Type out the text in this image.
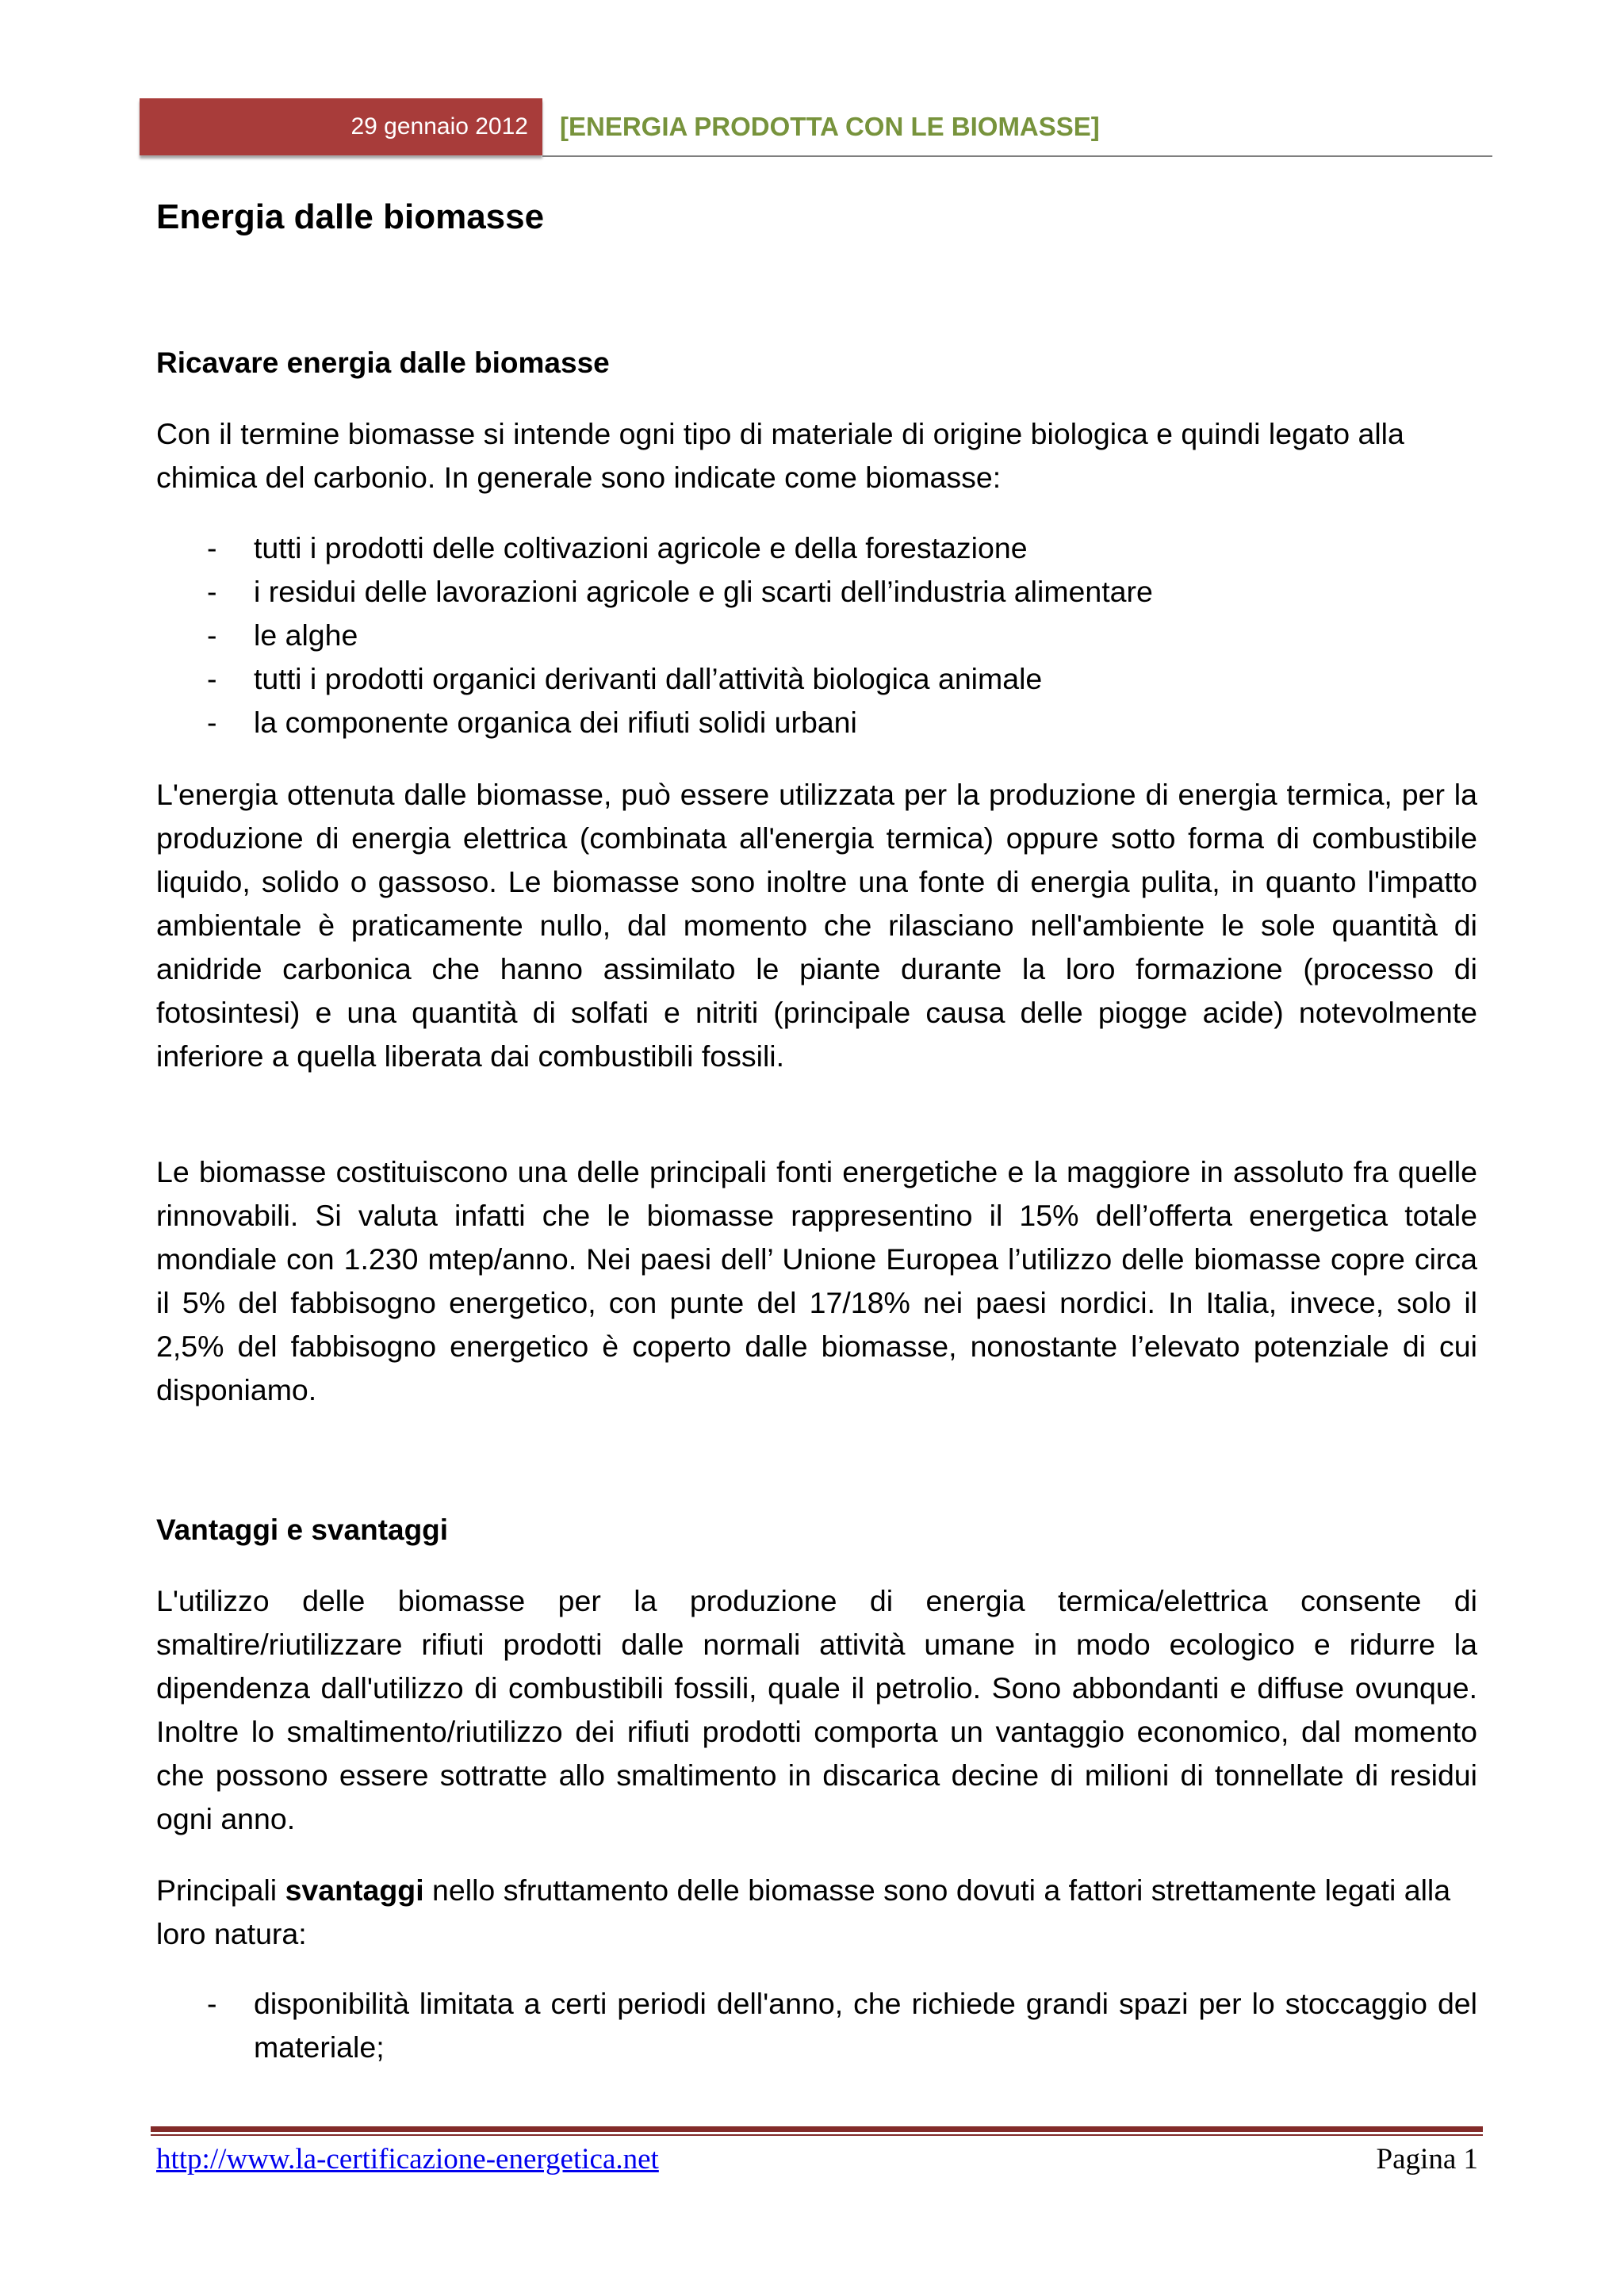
29 gennaio 2012 [ENERGIA PRODOTTA CON LE BIOMASSE]
Energia dalle biomasse
Ricavare energia dalle biomasse

Con il termine biomasse si intende ogni tipo di materiale di origine biologica e quindi legato alla chimica del carbonio. In generale sono indicate come biomasse:

- tutti i prodotti delle coltivazioni agricole e della forestazione
- i residui delle lavorazioni agricole e gli scarti dell’industria alimentare
- le alghe
- tutti i prodotti organici derivanti dall’attività biologica animale
- la componente organica dei rifiuti solidi urbani

L'energia ottenuta dalle biomasse, può essere utilizzata per la produzione di energia termica, per la produzione di energia elettrica (combinata all'energia termica) oppure sotto forma di combustibile liquido, solido o gassoso. Le biomasse sono inoltre una fonte di energia pulita, in quanto l'impatto ambientale è praticamente nullo, dal momento che rilasciano nell'ambiente le sole quantità di anidride carbonica che hanno assimilato le piante durante la loro formazione (processo di fotosintesi) e una quantità di solfati e nitriti (principale causa delle piogge acide) notevolmente inferiore a quella liberata dai combustibili fossili.

Le biomasse costituiscono una delle principali fonti energetiche e la maggiore in assoluto fra quelle rinnovabili. Si valuta infatti che le biomasse rappresentino il 15% dell’offerta energetica totale mondiale con 1.230 mtep/anno. Nei paesi dell’ Unione Europea l’utilizzo delle biomasse copre circa il 5% del fabbisogno energetico, con punte del 17/18% nei paesi nordici. In Italia, invece, solo il 2,5% del fabbisogno energetico è coperto dalle biomasse, nonostante l’elevato potenziale di cui disponiamo.

Vantaggi e svantaggi

L'utilizzo delle biomasse per la produzione di energia termica/elettrica consente di smaltire/riutilizzare rifiuti prodotti dalle normali attività umane in modo ecologico e ridurre la dipendenza dall'utilizzo di combustibili fossili, quale il petrolio. Sono abbondanti e diffuse ovunque. Inoltre lo smaltimento/riutilizzo dei rifiuti prodotti comporta un vantaggio economico, dal momento che possono essere sottratte allo smaltimento in discarica decine di milioni di tonnellate di residui ogni anno.

Principali svantaggi nello sfruttamento delle biomasse sono dovuti a fattori strettamente legati alla loro natura:

- disponibilità limitata a certi periodi dell'anno, che richiede grandi spazi per lo stoccaggio del materiale;
http://www.la-certificazione-energetica.net	Pagina 1
